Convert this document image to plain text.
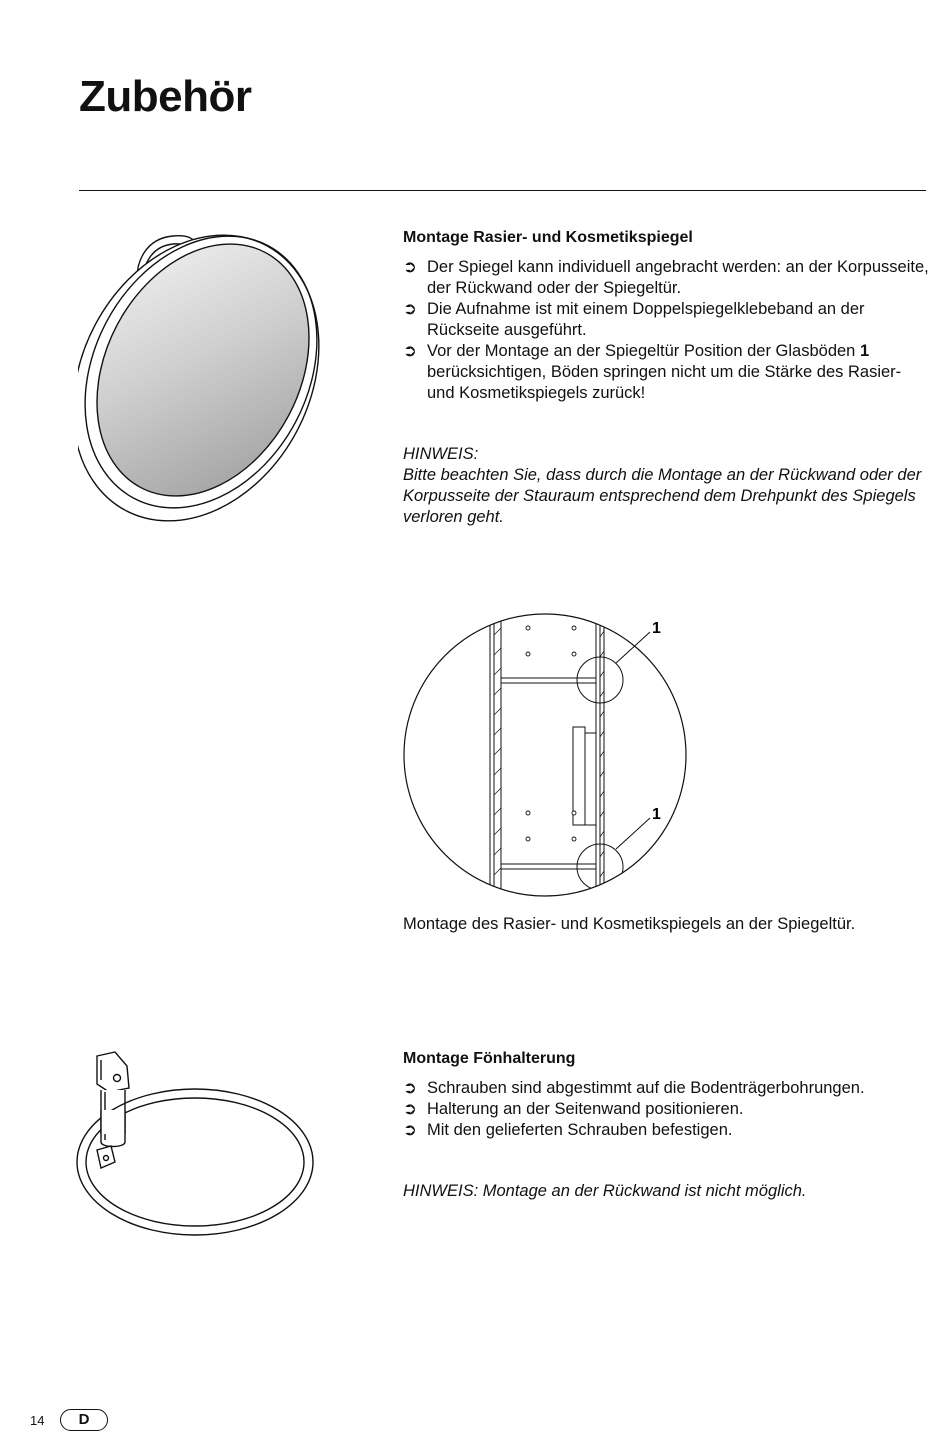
Zubehör

Montage Rasier- und Kosmetikspiegel

➲ Der Spiegel kann individuell angebracht werden: an der Korpusseite, der Rückwand oder der Spiegeltür.
➲ Die Aufnahme ist mit einem Doppelspiegelklebeband an der Rückseite ausgeführt.
➲ Vor der Montage an der Spiegeltür Position der Glasböden 1 berücksichtigen, Böden springen nicht um die Stärke des Rasier- und Kosmetikspiegels zurück!

HINWEIS:

Bitte beachten Sie, dass durch die Montage an der Rückwand oder der Korpusseite der Stauraum entsprechend dem Drehpunkt des Spiegels verloren geht.

1
1

Montage des Rasier- und Kosmetikspiegels an der Spiegeltür.

Montage Fönhalterung

➲ Schrauben sind abgestimmt auf die Bodenträgerbohrungen.
➲ Halterung an der Seitenwand positionieren.
➲ Mit den gelieferten Schrauben befestigen.

HINWEIS: Montage an der Rückwand ist nicht möglich.

14	D
